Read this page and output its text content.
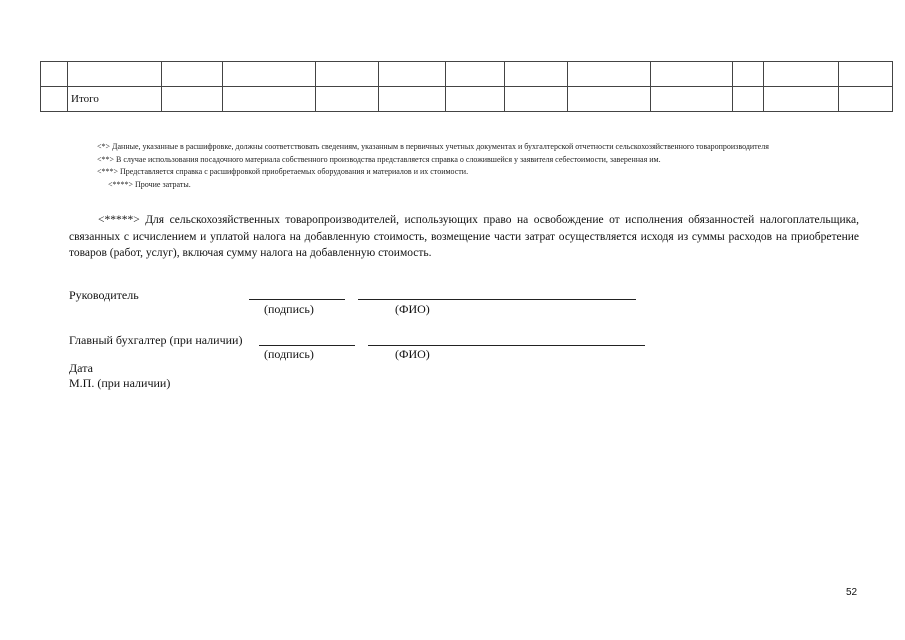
	Итого											

<*> Данные, указанные в расшифровке, должны соответствовать сведениям, указанным в первичных учетных документах и бухгалтерской отчетности сельскохозяйственного товаропроизводителя

<**> В случае использования посадочного материала собственного производства представляется справка о сложившейся у заявителя себестоимости, заверенная им.

<***> Представляется справка с расшифровкой приобретаемых оборудования и материалов и их стоимости.

<****> Прочие затраты.

<*****> Для сельскохозяйственных товаропроизводителей, использующих право на освобождение от исполнения обязанностей налогоплательщика, связанных с исчислением и уплатой налога на добавленную стоимость, возмещение части затрат осуществляется исходя из суммы расходов на приобретение товаров (работ, услуг), включая сумму налога на добавленную стоимость.

Руководитель
(подпись)	(ФИО)
Главный бухгалтер (при наличии)
(подпись)	(ФИО)
Дата
М.П. (при наличии)
52
